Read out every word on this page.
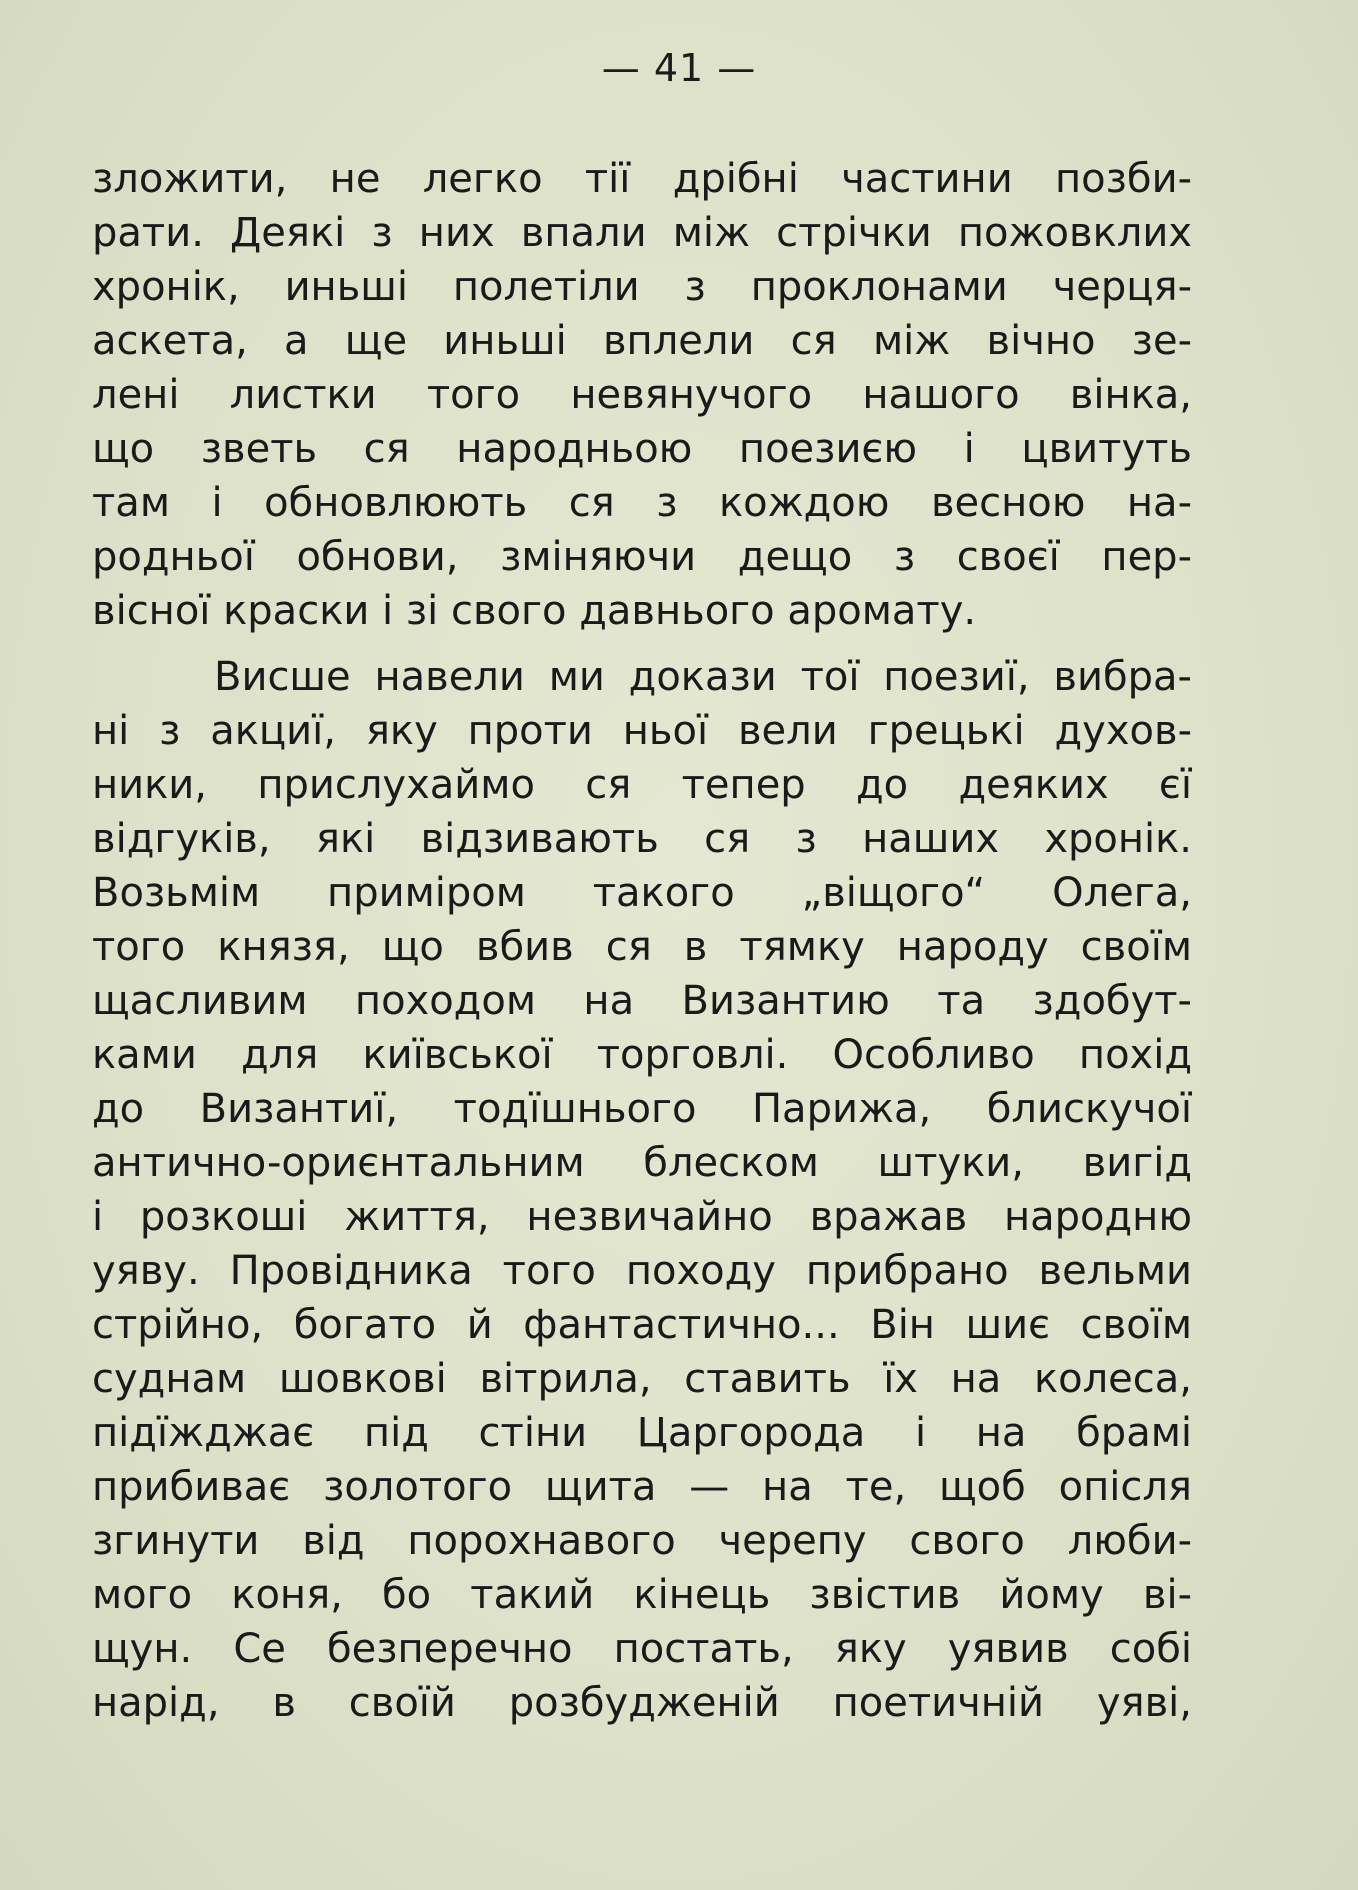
— 41 —
зложити, не легко тії дрібні частини позби-
рати. Деякі з них впали між стрічки пожовклих
хронік, иньші полетіли з проклонами черця-
аскета, а ще иньші вплели ся між вічно зе-
лені листки того невянучого нашого вінка,
що зветь ся народньою поезиєю і цвитуть
там і обновлюють ся з кождою весною на-
родньої обнови, зміняючи дещо з своєї пер-
вісної краски і зі свого давнього аромату.
Висше навели ми докази тої поезиї, вибра-
ні з акциї, яку проти ньої вели грецькі духов-
ники, прислухаймо ся тепер до деяких єї
відгуків, які відзивають ся з наших хронік.
Возьмім приміром такого „віщого“ Олега,
того князя, що вбив ся в тямку народу своїм
щасливим походом на Византию та здобут-
ками для київської торговлі. Особливо похід
до Византиї, тодїшнього Парижа, блискучої
античнo-ориєнтальним блеском штуки, вигід
і розкоші життя, незвичайно вражав народню
уяву. Провідника того походу прибрано вельми
стрійно, богато й фантастично... Він шиє своїм
суднам шовкові вітрила, ставить їх на колеса,
підїжджає під стіни Царгорода і на брамі
прибиває золотого щита — на те, щоб опісля
згинути від порохнавого черепу свого люби-
мого коня, бо такий кінець звістив йому ві-
щун. Се безперечно постать, яку уявив собі
нарід, в своїй розбудженій поетичній уяві,
